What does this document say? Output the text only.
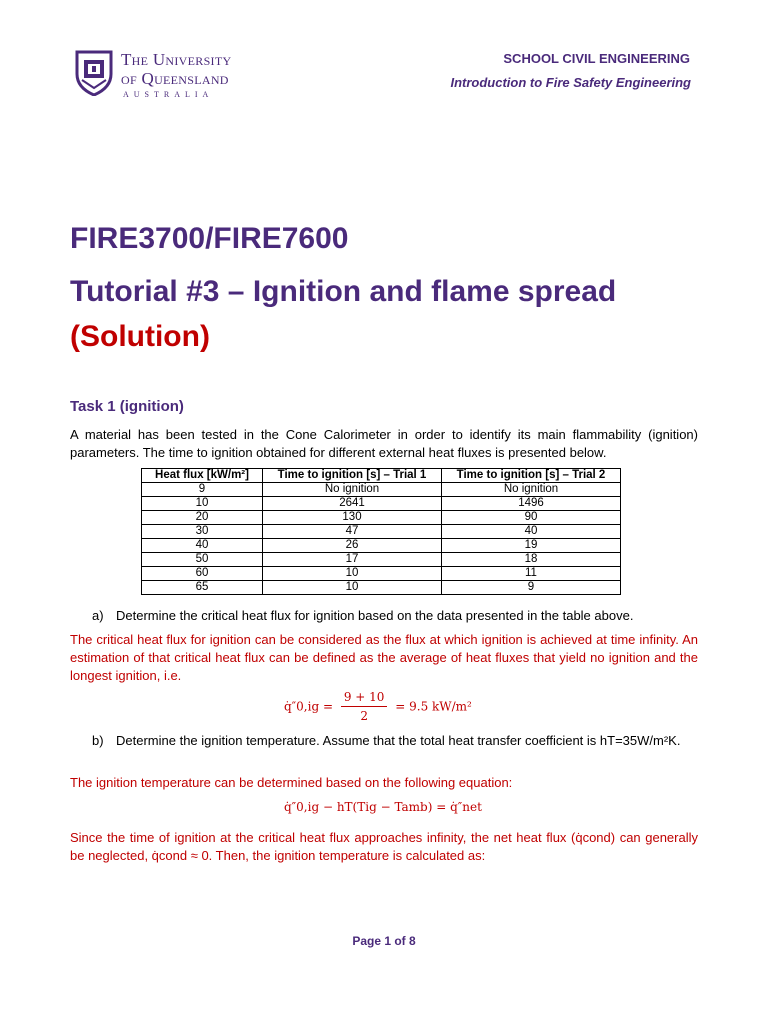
The University
of Queensland
AUSTRALIA
SCHOOL CIVIL ENGINEERING
Introduction to Fire Safety Engineering
FIRE3700/FIRE7600
Tutorial #3 – Ignition and flame spread
(Solution)
Task 1 (ignition)
A material has been tested in the Cone Calorimeter in order to identify its main flammability (ignition) parameters. The time to ignition obtained for different external heat fluxes is presented below.
Heat flux [kW/m²]	Time to ignition [s] – Trial 1	Time to ignition [s] – Trial 2
9	No ignition	No ignition
10	2641	1496
20	130	90
30	47	40
40	26	19
50	17	18
60	10	11
65	10	9
a) Determine the critical heat flux for ignition based on the data presented in the table above.
The critical heat flux for ignition can be considered as the flux at which ignition is achieved at time infinity. An estimation of that critical heat flux can be defined as the average of heat fluxes that yield no ignition and the longest ignition, i.e.
q̇″0,ig = $\frac{9 + 10}{2} = 9.5$ kW/m²
b) Determine the ignition temperature. Assume that the total heat transfer coefficient is hT=35W/m²K.
The ignition temperature can be determined based on the following equation:
q̇″0,ig − hT(Tig − Tamb) = q̇″net
Since the time of ignition at the critical heat flux approaches infinity, the net heat flux (q̇cond) can generally be neglected, q̇cond ≈ 0. Then, the ignition temperature is calculated as:
Page 1 of 8
